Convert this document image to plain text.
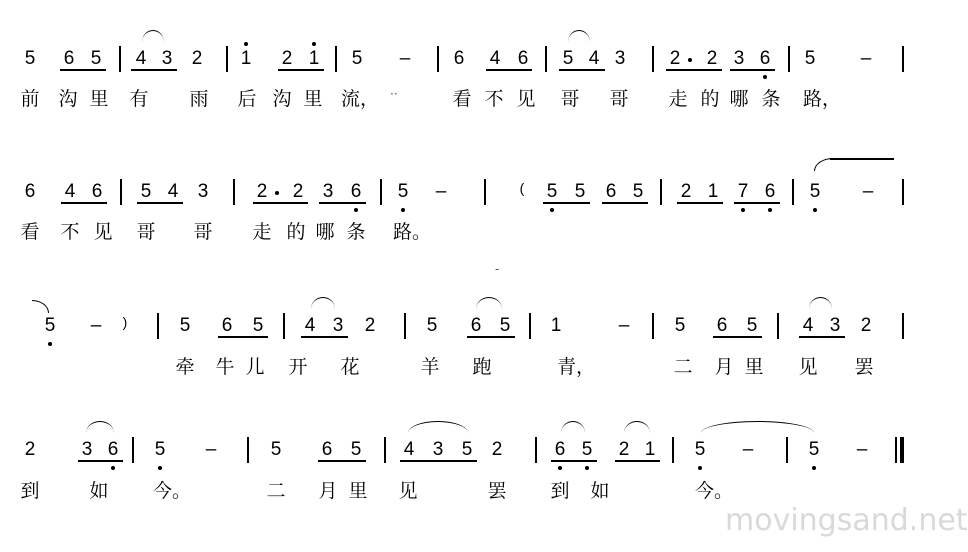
5 6 5 4 3 2 1 2 1 5 – 6 4 6 5 4 3 2 2 3 6 5 –
前 沟 里 有 雨 后 沟 里 流， ··	看 不 见 哥 哥 走 的 哪 条 路，
6 4 6 5 4 3	2 2 3 6 5 –	(	5 5 6 5 2 1 7 6 5 –
看 不 见 哥 哥 走 的 哪 条 路。
-
5 –	)	5 6 5 4 3 2	5 6 5 1	– 5 6 5 4 3 2
牵 牛 儿 开 花	羊 跑	青，	二 月 里 见 罢
2 3 6 5 –	5 6 5 4 3 5 2	6 5 2 1 5 –	5 –
到	如 今。	二 月 里 见	罢 到 如	今。
movingsand.net
